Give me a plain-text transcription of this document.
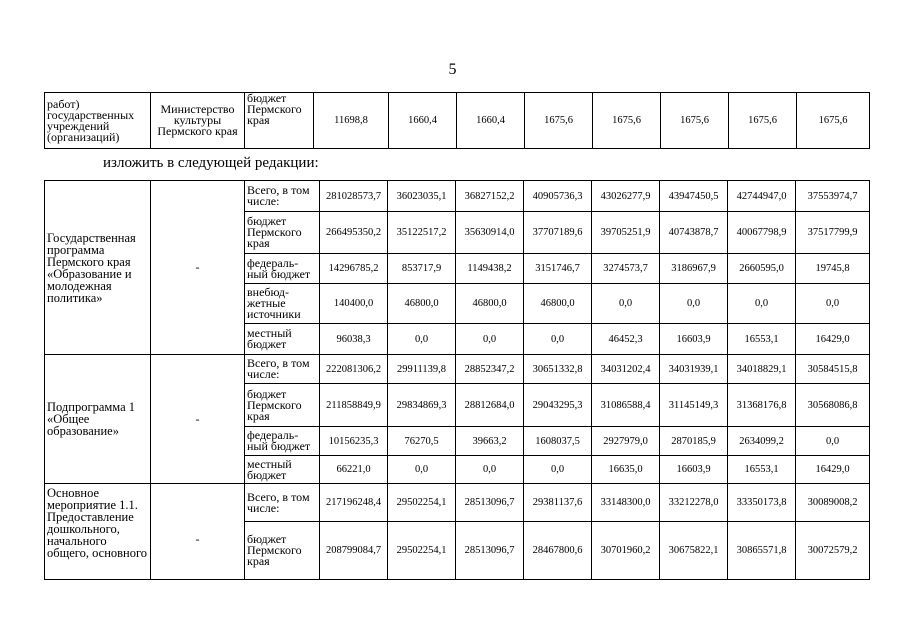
5
работ) государственных учреждений (организаций)	Министерство культуры Пермского края	бюджет Пермского края	11698,8	1660,4	1660,4	1675,6	1675,6	1675,6	1675,6	1675,6
изложить в следующей редакции:
Государственная программа Пермского края «Образование и молодежная политика»	-	Всего, в том числе:	281028573,7	36023035,1	36827152,2	40905736,3	43026277,9	43947450,5	42744947,0	37553974,7
		бюджет Пермского края	266495350,2	35122517,2	35630914,0	37707189,6	39705251,9	40743878,7	40067798,9	37517799,9
		федераль-ный бюджет	14296785,2	853717,9	1149438,2	3151746,7	3274573,7	3186967,9	2660595,0	19745,8
		внебюд-жетные источники	140400,0	46800,0	46800,0	46800,0	0,0	0,0	0,0	0,0
		местный бюджет	96038,3	0,0	0,0	0,0	46452,3	16603,9	16553,1	16429,0
Подпрограмма 1 «Общее образование»	-	Всего, в том числе:	222081306,2	29911139,8	28852347,2	30651332,8	34031202,4	34031939,1	34018829,1	30584515,8
		бюджет Пермского края	211858849,9	29834869,3	28812684,0	29043295,3	31086588,4	31145149,3	31368176,8	30568086,8
		федераль-ный бюджет	10156235,3	76270,5	39663,2	1608037,5	2927979,0	2870185,9	2634099,2	0,0
		местный бюджет	66221,0	0,0	0,0	0,0	16635,0	16603,9	16553,1	16429,0
Основное мероприятие 1.1. Предоставление дошкольного, начального общего, основного	-	Всего, в том числе:	217196248,4	29502254,1	28513096,7	29381137,6	33148300,0	33212278,0	33350173,8	30089008,2
		бюджет Пермского края	208799084,7	29502254,1	28513096,7	28467800,6	30701960,2	30675822,1	30865571,8	30072579,2
